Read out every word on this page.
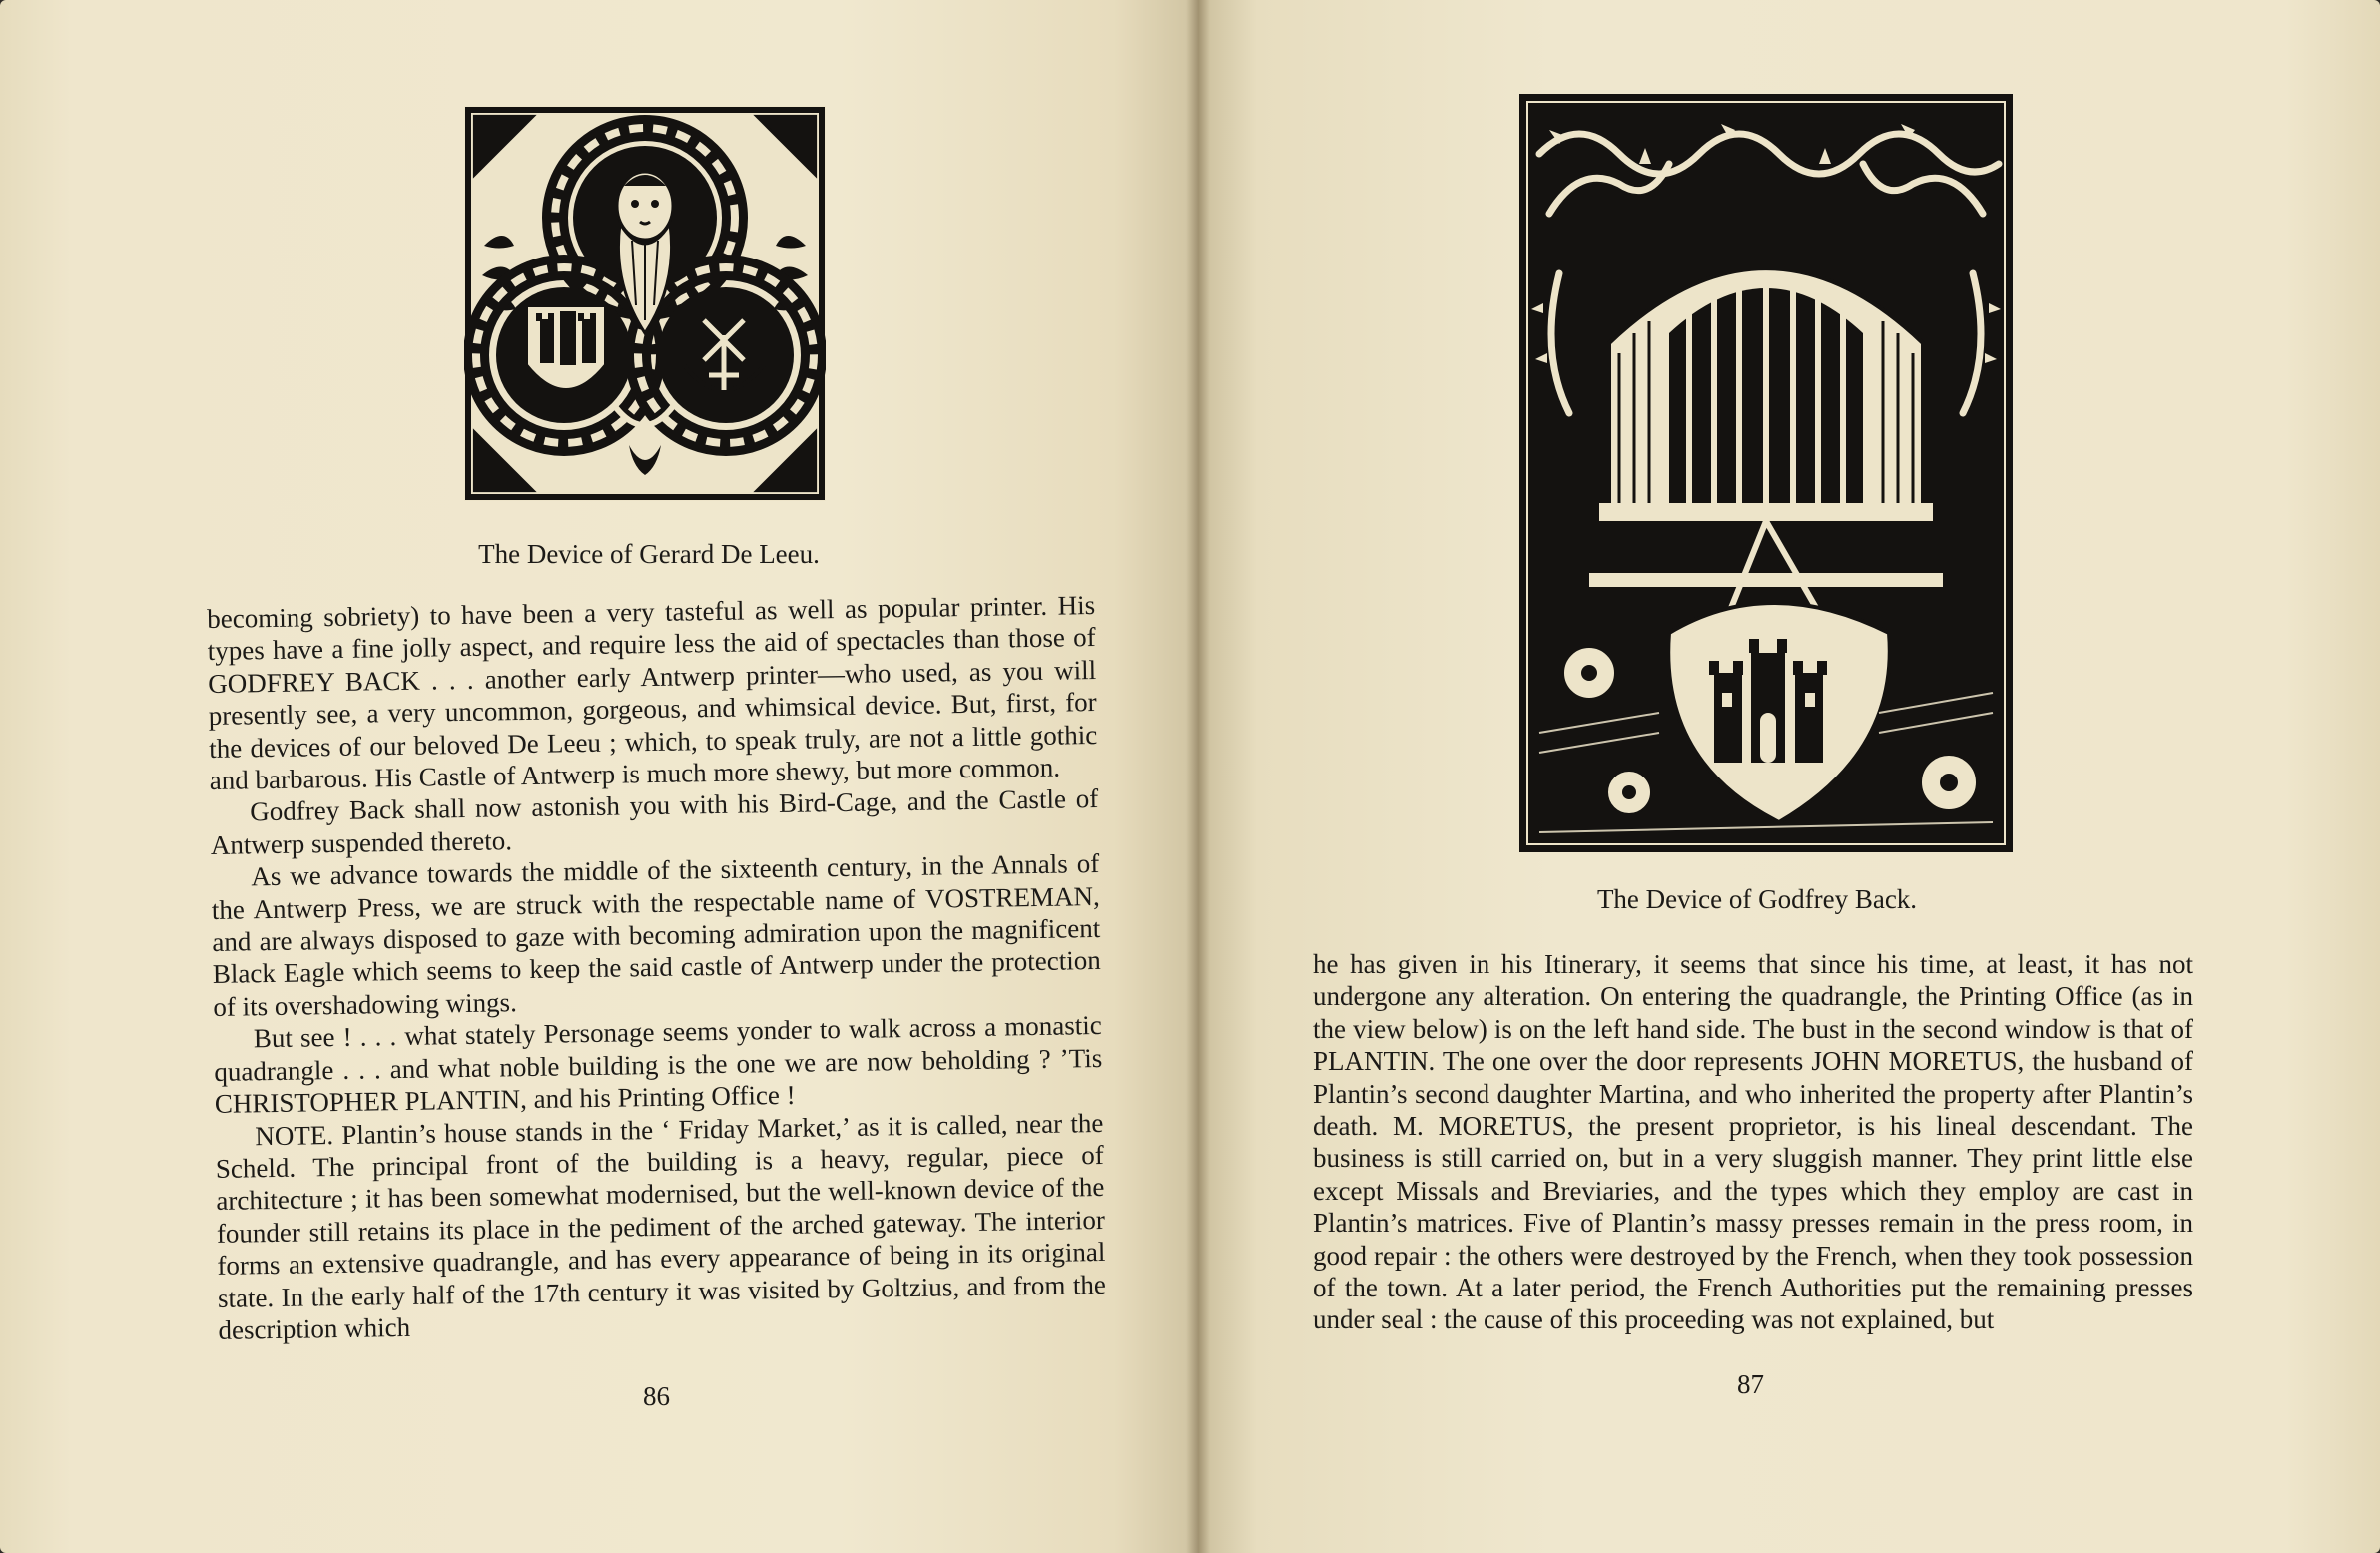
The Device of Gerard De Leeu.

becoming sobriety) to have been a very tasteful as well as popular printer. His types have a fine jolly aspect, and require less the aid of spectacles than those of GODFREY BACK . . . another early Antwerp printer—who used, as you will presently see, a very uncommon, gorgeous, and whimsical device. But, first, for the devices of our beloved De Leeu ; which, to speak truly, are not a little gothic and barbarous. His Castle of Antwerp is much more shewy, but more common.

Godfrey Back shall now astonish you with his Bird-Cage, and the Castle of Antwerp suspended thereto.

As we advance towards the middle of the sixteenth century, in the Annals of the Antwerp Press, we are struck with the respectable name of VOSTREMAN, and are always disposed to gaze with becoming admiration upon the magnificent Black Eagle which seems to keep the said castle of Antwerp under the protection of its overshadowing wings.

But see ! . . . what stately Personage seems yonder to walk across a monastic quadrangle . . . and what noble building is the one we are now beholding ? ’Tis CHRISTOPHER PLANTIN, and his Printing Office !

NOTE. Plantin’s house stands in the ‘ Friday Market,’ as it is called, near the Scheld. The principal front of the building is a heavy, regular, piece of architecture ; it has been somewhat modernised, but the well-known device of the founder still retains its place in the pediment of the arched gateway. The interior forms an extensive quadrangle, and has every appearance of being in its original state. In the early half of the 17th century it was visited by Goltzius, and from the description which

86
The Device of Godfrey Back.

he has given in his Itinerary, it seems that since his time, at least, it has not undergone any alteration. On entering the quadrangle, the Printing Office (as in the view below) is on the left hand side. The bust in the second window is that of PLANTIN. The one over the door represents JOHN MORETUS, the husband of Plantin’s second daughter Martina, and who inherited the property after Plantin’s death. M. MORETUS, the present proprietor, is his lineal descendant. The business is still carried on, but in a very sluggish manner. They print little else except Missals and Breviaries, and the types which they employ are cast in Plantin’s matrices. Five of Plantin’s massy presses remain in the press room, in good repair : the others were destroyed by the French, when they took possession of the town. At a later period, the French Authorities put the remaining presses under seal : the cause of this proceeding was not explained, but

87
